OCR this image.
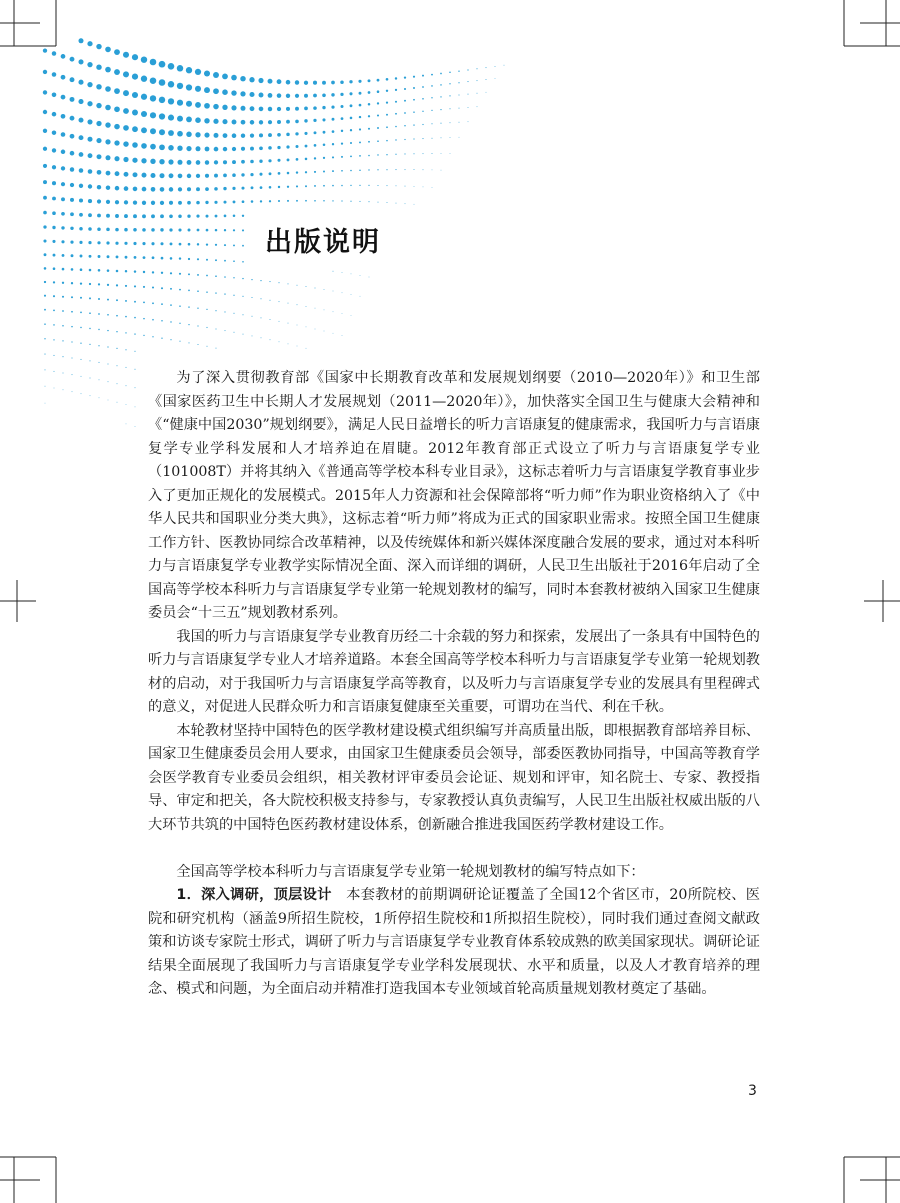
出版说明

为了深入贯彻教育部《国家中长期教育改革和发展规划纲要（2010—2020年）》和卫生部《国家医药卫生中长期人才发展规划（2011—2020年）》，加快落实全国卫生与健康大会精神和《“健康中国2030”规划纲要》，满足人民日益增长的听力言语康复的健康需求，我国听力与言语康复学专业学科发展和人才培养迫在眉睫。2012年教育部正式设立了听力与言语康复学专业（101008T）并将其纳入《普通高等学校本科专业目录》，这标志着听力与言语康复学教育事业步入了更加正规化的发展模式。2015年人力资源和社会保障部将“听力师”作为职业资格纳入了《中华人民共和国职业分类大典》，这标志着“听力师”将成为正式的国家职业需求。按照全国卫生健康工作方针、医教协同综合改革精神，以及传统媒体和新兴媒体深度融合发展的要求，通过对本科听力与言语康复学专业教学实际情况全面、深入而详细的调研，人民卫生出版社于2016年启动了全国高等学校本科听力与言语康复学专业第一轮规划教材的编写，同时本套教材被纳入国家卫生健康委员会“十三五”规划教材系列。

我国的听力与言语康复学专业教育历经二十余载的努力和探索，发展出了一条具有中国特色的听力与言语康复学专业人才培养道路。本套全国高等学校本科听力与言语康复学专业第一轮规划教材的启动，对于我国听力与言语康复学高等教育，以及听力与言语康复学专业的发展具有里程碑式的意义，对促进人民群众听力和言语康复健康至关重要，可谓功在当代、利在千秋。

本轮教材坚持中国特色的医学教材建设模式组织编写并高质量出版，即根据教育部培养目标、国家卫生健康委员会用人要求，由国家卫生健康委员会领导，部委医教协同指导，中国高等教育学会医学教育专业委员会组织，相关教材评审委员会论证、规划和评审，知名院士、专家、教授指导、审定和把关，各大院校积极支持参与，专家教授认真负责编写，人民卫生出版社权威出版的八大环节共筑的中国特色医药教材建设体系，创新融合推进我国医药学教材建设工作。

全国高等学校本科听力与言语康复学专业第一轮规划教材的编写特点如下：

1．深入调研，顶层设计　 本套教材的前期调研论证覆盖了全国12个省区市，20所院校、医院和研究机构（涵盖9所招生院校，1所停招生院校和1所拟招生院校），同时我们通过查阅文献政策和访谈专家院士形式，调研了听力与言语康复学专业教育体系较成熟的欧美国家现状。调研论证结果全面展现了我国听力与言语康复学专业学科发展现状、水平和质量，以及人才教育培养的理念、模式和问题，为全面启动并精准打造我国本专业领域首轮高质量规划教材奠定了基础。

3
